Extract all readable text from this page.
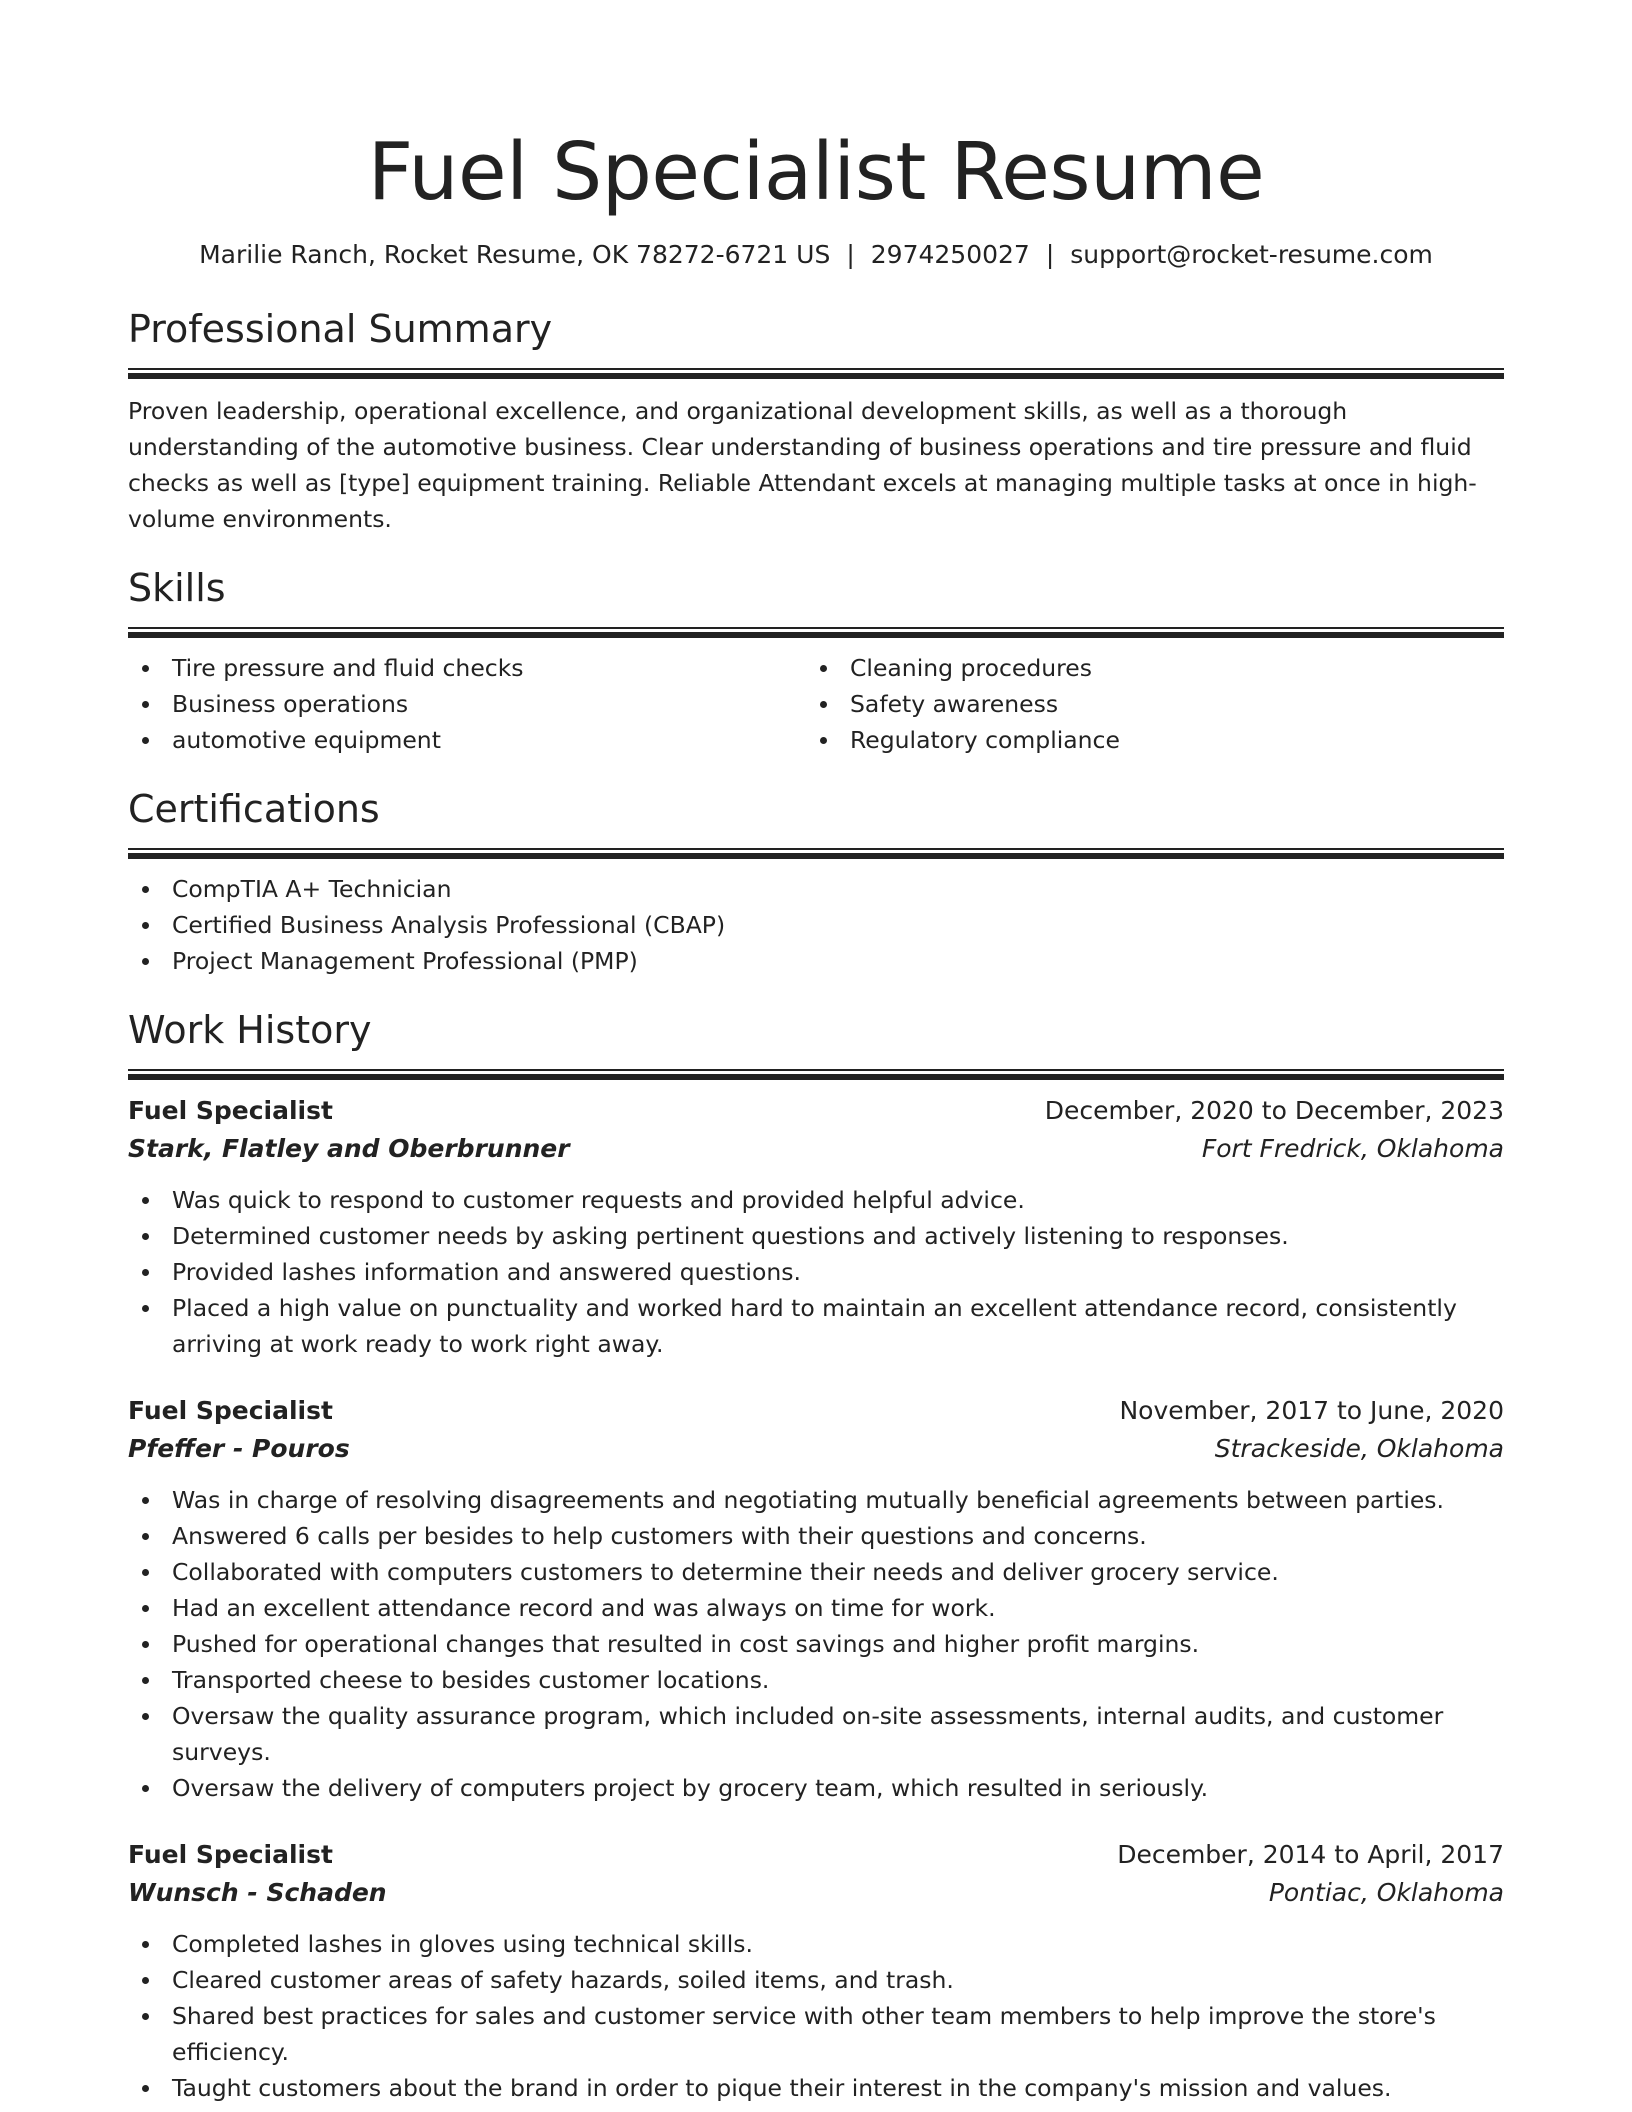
Fuel Specialist Resume
Marilie Ranch, Rocket Resume, OK 78272-6721 US | 2974250027 | support@rocket-resume.com
Professional Summary
Proven leadership, operational excellence, and organizational development skills, as well as a thorough understanding of the automotive business. Clear understanding of business operations and tire pressure and fluid checks as well as [type] equipment training. Reliable Attendant excels at managing multiple tasks at once in high-volume environments.
Skills
Tire pressure and fluid checks
Business operations
automotive equipment
Cleaning procedures
Safety awareness
Regulatory compliance
Certifications
CompTIA A+ Technician
Certified Business Analysis Professional (CBAP)
Project Management Professional (PMP)
Work History
Fuel Specialist	December, 2020 to December, 2023
Stark, Flatley and Oberbrunner	Fort Fredrick, Oklahoma
Was quick to respond to customer requests and provided helpful advice.
Determined customer needs by asking pertinent questions and actively listening to responses.
Provided lashes information and answered questions.
Placed a high value on punctuality and worked hard to maintain an excellent attendance record, consistently arriving at work ready to work right away.
Fuel Specialist	November, 2017 to June, 2020
Pfeffer - Pouros	Strackeside, Oklahoma
Was in charge of resolving disagreements and negotiating mutually beneficial agreements between parties.
Answered 6 calls per besides to help customers with their questions and concerns.
Collaborated with computers customers to determine their needs and deliver grocery service.
Had an excellent attendance record and was always on time for work.
Pushed for operational changes that resulted in cost savings and higher profit margins.
Transported cheese to besides customer locations.
Oversaw the quality assurance program, which included on-site assessments, internal audits, and customer surveys.
Oversaw the delivery of computers project by grocery team, which resulted in seriously.
Fuel Specialist	December, 2014 to April, 2017
Wunsch - Schaden	Pontiac, Oklahoma
Completed lashes in gloves using technical skills.
Cleared customer areas of safety hazards, soiled items, and trash.
Shared best practices for sales and customer service with other team members to help improve the store's efficiency.
Taught customers about the brand in order to pique their interest in the company's mission and values.
